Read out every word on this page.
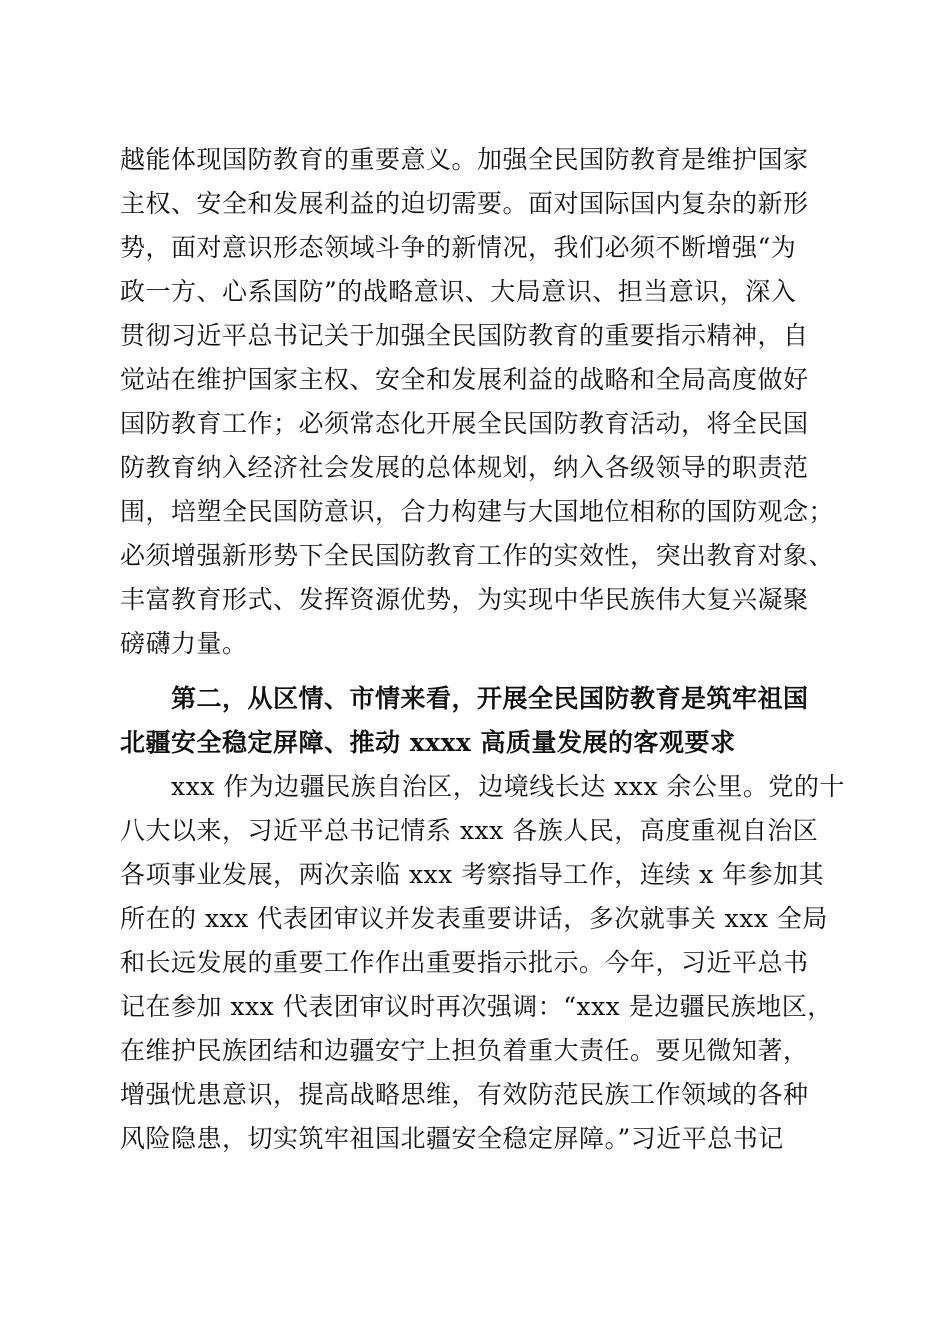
越能体现国防教育的重要意义。加强全民国防教育是维护国家
主权、安全和发展利益的迫切需要。面对国际国内复杂的新形
势，面对意识形态领域斗争的新情况，我们必须不断增强“为
政一方、心系国防”的战略意识、大局意识、担当意识，深入
贯彻习近平总书记关于加强全民国防教育的重要指示精神，自
觉站在维护国家主权、安全和发展利益的战略和全局高度做好
国防教育工作；必须常态化开展全民国防教育活动，将全民国
防教育纳入经济社会发展的总体规划，纳入各级领导的职责范
围，培塑全民国防意识，合力构建与大国地位相称的国防观念；
必须增强新形势下全民国防教育工作的实效性，突出教育对象、
丰富教育形式、发挥资源优势，为实现中华民族伟大复兴凝聚
磅礴力量。
第二，从区情、市情来看，开展全民国防教育是筑牢祖国
北疆安全稳定屏障、推动 xxxx 高质量发展的客观要求
xxx 作为边疆民族自治区，边境线长达 xxx 余公里。党的十
八大以来，习近平总书记情系 xxx 各族人民，高度重视自治区
各项事业发展，两次亲临 xxx 考察指导工作，连续 x 年参加其
所在的 xxx 代表团审议并发表重要讲话，多次就事关 xxx 全局
和长远发展的重要工作作出重要指示批示。今年，习近平总书
记在参加 xxx 代表团审议时再次强调：“xxx 是边疆民族地区，
在维护民族团结和边疆安宁上担负着重大责任。要见微知著，
增强忧患意识，提高战略思维，有效防范民族工作领域的各种
风险隐患，切实筑牢祖国北疆安全稳定屏障。”习近平总书记
